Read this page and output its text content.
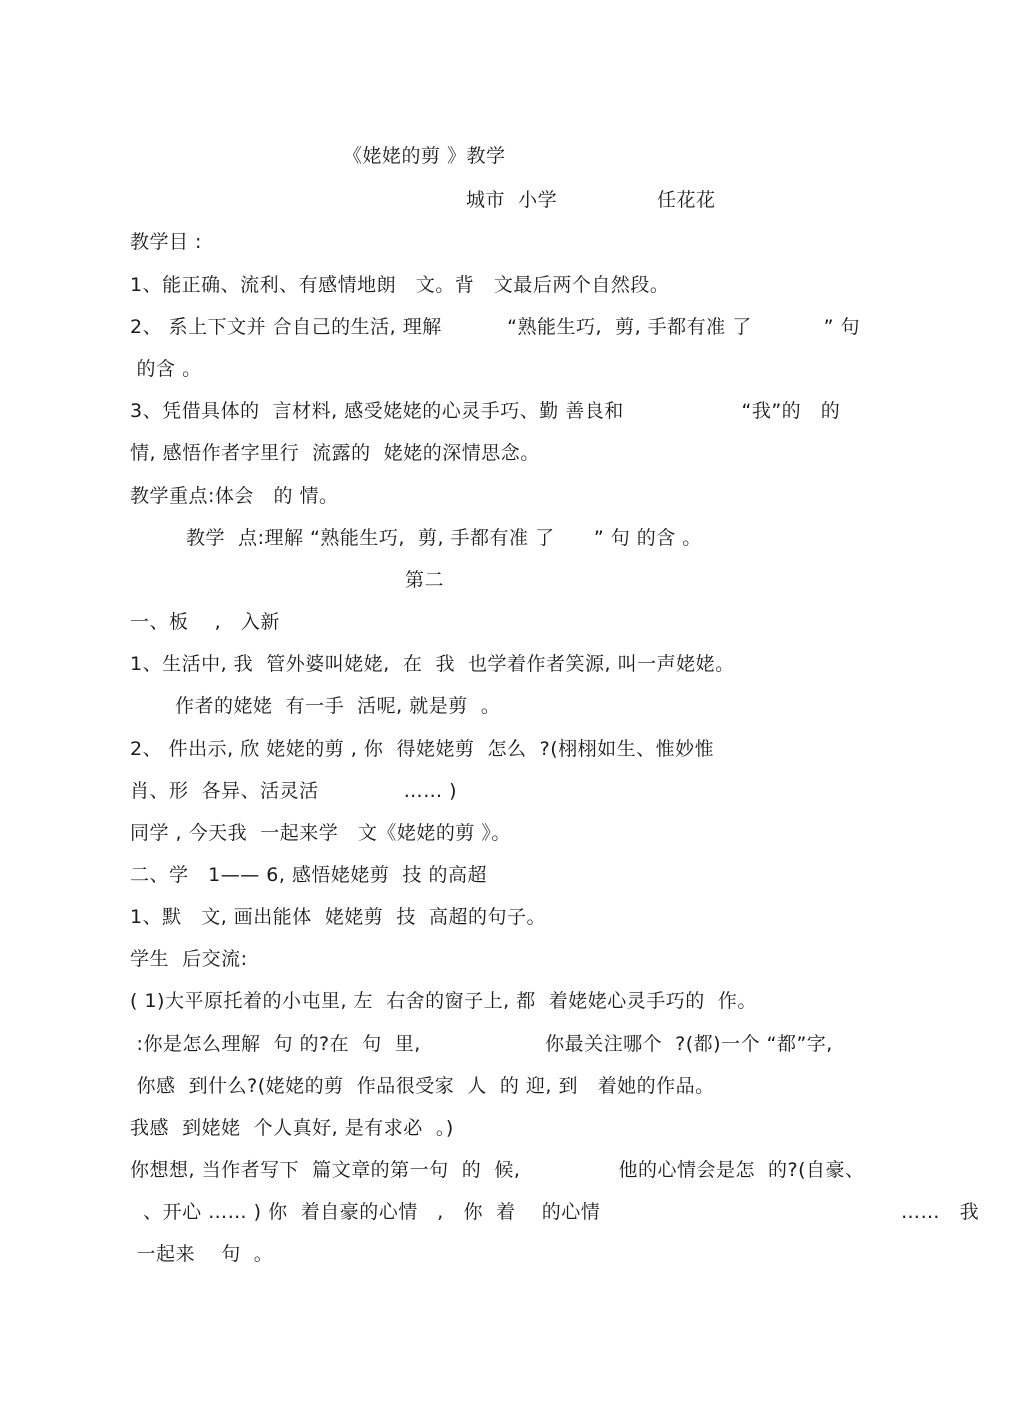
《姥姥的剪 》教学
城市  小学	任花花
教学目 :
1、能正确、流利、有感情地朗   文。背   文最后两个自然段。
2、 系上下文并 合自己的生活, 理解          “熟能生巧,  剪, 手都有准 了           ” 句
的含 。
3、凭借具体的  言材料, 感受姥姥的心灵手巧、勤 善良和                  “我”的   的
情, 感悟作者字里行  流露的  姥姥的深情思念。
教学重点:体会   的 情。
教学  点:理解 “熟能生巧,  剪, 手都有准 了      ” 句 的含 。
第二
一、板    ,   入新
1、生活中, 我  管外婆叫姥姥,  在  我  也学着作者笑源, 叫一声姥姥。
作者的姥姥  有一手  活呢, 就是剪  。
2、 件出示, 欣 姥姥的剪 , 你  得姥姥剪  怎么  ?(栩栩如生、惟妙惟
肖、形  各异、活灵活             …… )
同学 , 今天我  一起来学   文《姥姥的剪 》。
二、学   1—— 6, 感悟姥姥剪  技 的高超
1、默   文, 画出能体  姥姥剪  技  高超的句子。
学生  后交流:
( 1)大平原托着的小屯里, 左  右舍的窗子上, 都  着姥姥心灵手巧的  作。
:你是怎么理解  句 的?在  句  里,                   你最关注哪个  ?(都)一个 “都”字,
你感  到什么?(姥姥的剪  作品很受家  人  的 迎, 到   着她的作品。
我感  到姥姥  个人真好, 是有求必  。)
你想想, 当作者写下  篇文章的第一句  的  候,               他的心情会是怎  的?(自豪、
、开心 …… ) 你  着自豪的心情   ,   你  着    的心情                                              ……   我
一起来    句  。
